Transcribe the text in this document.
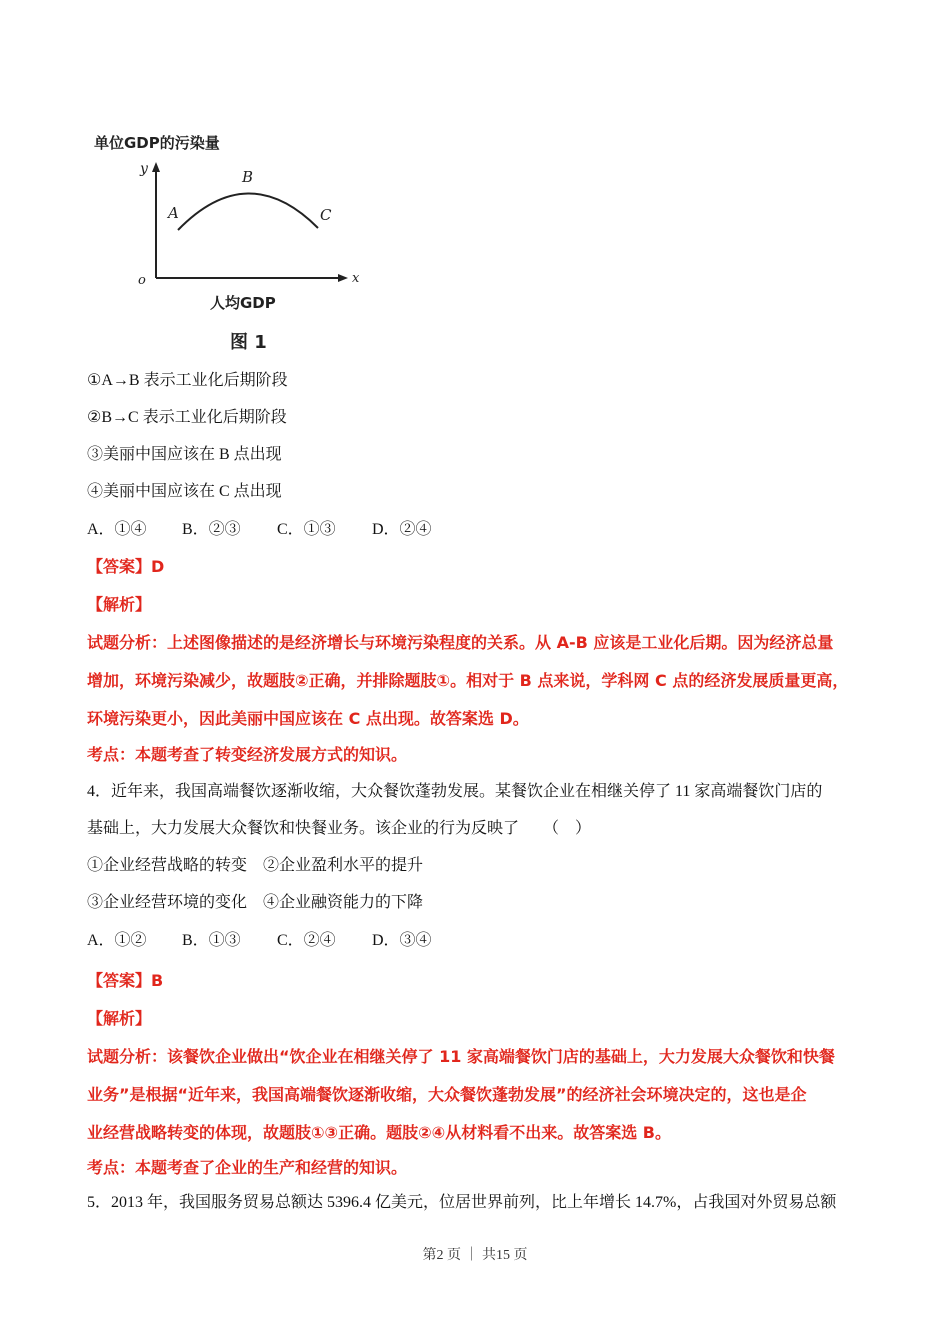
单位GDP的污染量
y
o	x
A
B
C
人均GDP
图 1
①A→B 表示工业化后期阶段
②B→C 表示工业化后期阶段
③美丽中国应该在 B 点出现
④美丽中国应该在 C 点出现
A．①④ B．②③ C．①③ D．②④
【答案】D
【解析】
试题分析：上述图像描述的是经济增长与环境污染程度的关系。从 A-B 应该是工业化后期。因为经济总量
增加，环境污染减少，故题肢②正确，并排除题肢①。相对于 B 点来说，学科网 C 点的经济发展质量更高，
环境污染更小，因此美丽中国应该在 C 点出现。故答案选 D。
考点：本题考查了转变经济发展方式的知识。
4．近年来，我国高端餐饮逐渐收缩，大众餐饮蓬勃发展。某餐饮企业在相继关停了 11 家高端餐饮门店的
基础上，大力发展大众餐饮和快餐业务。该企业的行为反映了　　（　）
①企业经营战略的转变　②企业盈利水平的提升
③企业经营环境的变化　④企业融资能力的下降
A．①② B．①③ C．②④ D．③④
【答案】B
【解析】
试题分析：该餐饮企业做出“饮企业在相继关停了 11 家高端餐饮门店的基础上，大力发展大众餐饮和快餐
业务”是根据“近年来，我国高端餐饮逐渐收缩，大众餐饮蓬勃发展”的经济社会环境决定的，这也是企
业经营战略转变的体现，故题肢①③正确。题肢②④从材料看不出来。故答案选 B。
考点：本题考查了企业的生产和经营的知识。
5．2013 年，我国服务贸易总额达 5396.4 亿美元，位居世界前列，比上年增长 14.7%，占我国对外贸易总额
第2 页 ｜ 共15 页
